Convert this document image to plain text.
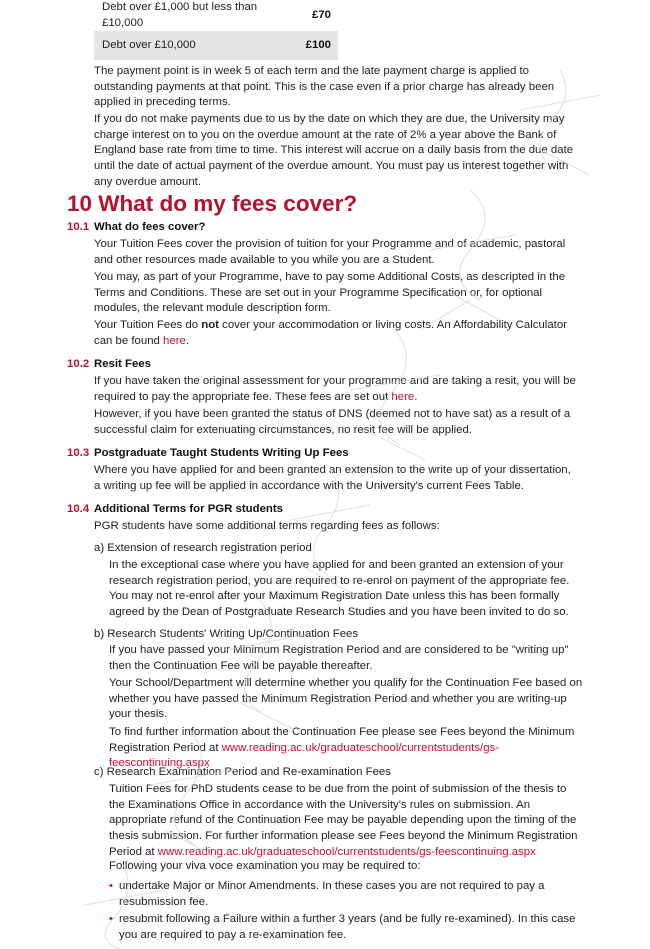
Debt over £1,000 but less than £10,000	£70
Debt over £10,000	£100

The payment point is in week 5 of each term and the late payment charge is applied to outstanding payments at that point. This is the case even if a prior charge has already been applied in preceding terms.

If you do not make payments due to us by the date on which they are due, the University may charge interest on to you on the overdue amount at the rate of 2% a year above the Bank of England base rate from time to time. This interest will accrue on a daily basis from the due date until the date of actual payment of the overdue amount. You must pay us interest together with any overdue amount.

10 What do my fees cover?

10.1 What do fees cover?

Your Tuition Fees cover the provision of tuition for your Programme and of academic, pastoral and other resources made available to you while you are a Student.

You may, as part of your Programme, have to pay some Additional Costs, as descripted in the Terms and Conditions. These are set out in your Programme Specification or, for optional modules, the relevant module description form.

Your Tuition Fees do not cover your accommodation or living costs. An Affordability Calculator can be found here.

10.2 Resit Fees

If you have taken the original assessment for your programme and are taking a resit, you will be required to pay the appropriate fee. These fees are set out here.

However, if you have been granted the status of DNS (deemed not to have sat) as a result of a successful claim for extenuating circumstances, no resit fee will be applied.

10.3 Postgraduate Taught Students Writing Up Fees

Where you have applied for and been granted an extension to the write up of your dissertation, a writing up fee will be applied in accordance with the University's current Fees Table.

10.4 Additional Terms for PGR students

PGR students have some additional terms regarding fees as follows:

a) Extension of research registration period

In the exceptional case where you have applied for and been granted an extension of your research registration period, you are required to re-enrol on payment of the appropriate fee. You may not re-enrol after your Maximum Registration Date unless this has been formally agreed by the Dean of Postgraduate Research Studies and you have been invited to do so.

b) Research Students' Writing Up/Continuation Fees

If you have passed your Minimum Registration Period and are considered to be "writing up" then the Continuation Fee will be payable thereafter.

Your School/Department will determine whether you qualify for the Continuation Fee based on whether you have passed the Minimum Registration Period and whether you are writing-up your thesis.

To find further information about the Continuation Fee please see Fees beyond the Minimum Registration Period at www.reading.ac.uk/graduateschool/currentstudents/gs-feescontinuing.aspx

c) Research Examination Period and Re-examination Fees

Tuition Fees for PhD students cease to be due from the point of submission of the thesis to the Examinations Office in accordance with the University's rules on submission. An appropriate refund of the Continuation Fee may be payable depending upon the timing of the thesis submission. For further information please see Fees beyond the Minimum Registration Period at www.reading.ac.uk/graduateschool/currentstudents/gs-feescontinuing.aspx

Following your viva voce examination you may be required to:

• undertake Major or Minor Amendments. In these cases you are not required to pay a resubmission fee.

• resubmit following a Failure within a further 3 years (and be fully re-examined). In this case you are required to pay a re-examination fee.
